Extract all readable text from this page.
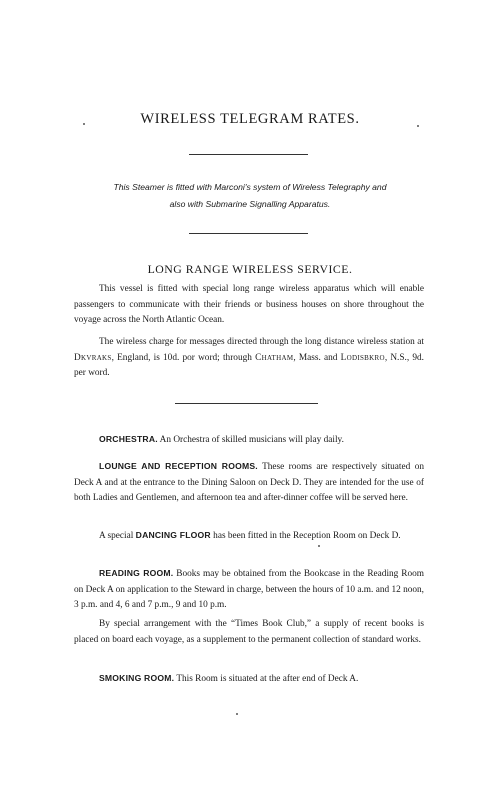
WIRELESS TELEGRAM RATES.
This Steamer is fitted with Marconi's system of Wireless Telegraphy and
also with Submarine Signalling Apparatus.
LONG RANGE WIRELESS SERVICE.
This vessel is fitted with special long range wireless apparatus which will enable passengers to communicate with their friends or business houses on shore throughout the voyage across the North Atlantic Ocean.
The wireless charge for messages directed through the long distance wireless station at Dkvraks, England, is 10d. por word; through Chatham, Mass. and Lodisbkro, N.S., 9d. per word.
ORCHESTRA. An Orchestra of skilled musicians will play daily.
LOUNGE AND RECEPTION ROOMS. These rooms are respectively situated on Deck A and at the entrance to the Dining Saloon on Deck D. They are intended for the use of both Ladies and Gentlemen, and afternoon tea and after-dinner coffee will be served here.
A special DANCING FLOOR has been fitted in the Reception Room on Deck D.
READING ROOM. Books may be obtained from the Bookcase in the Reading Room on Deck A on application to the Steward in charge, between the hours of 10 a.m. and 12 noon, 3 p.m. and 4, 6 and 7 p.m., 9 and 10 p.m.
By special arrangement with the “Times Book Club,” a supply of recent books is placed on board each voyage, as a supplement to the permanent collection of standard works.
SMOKING ROOM. This Room is situated at the after end of Deck A.
